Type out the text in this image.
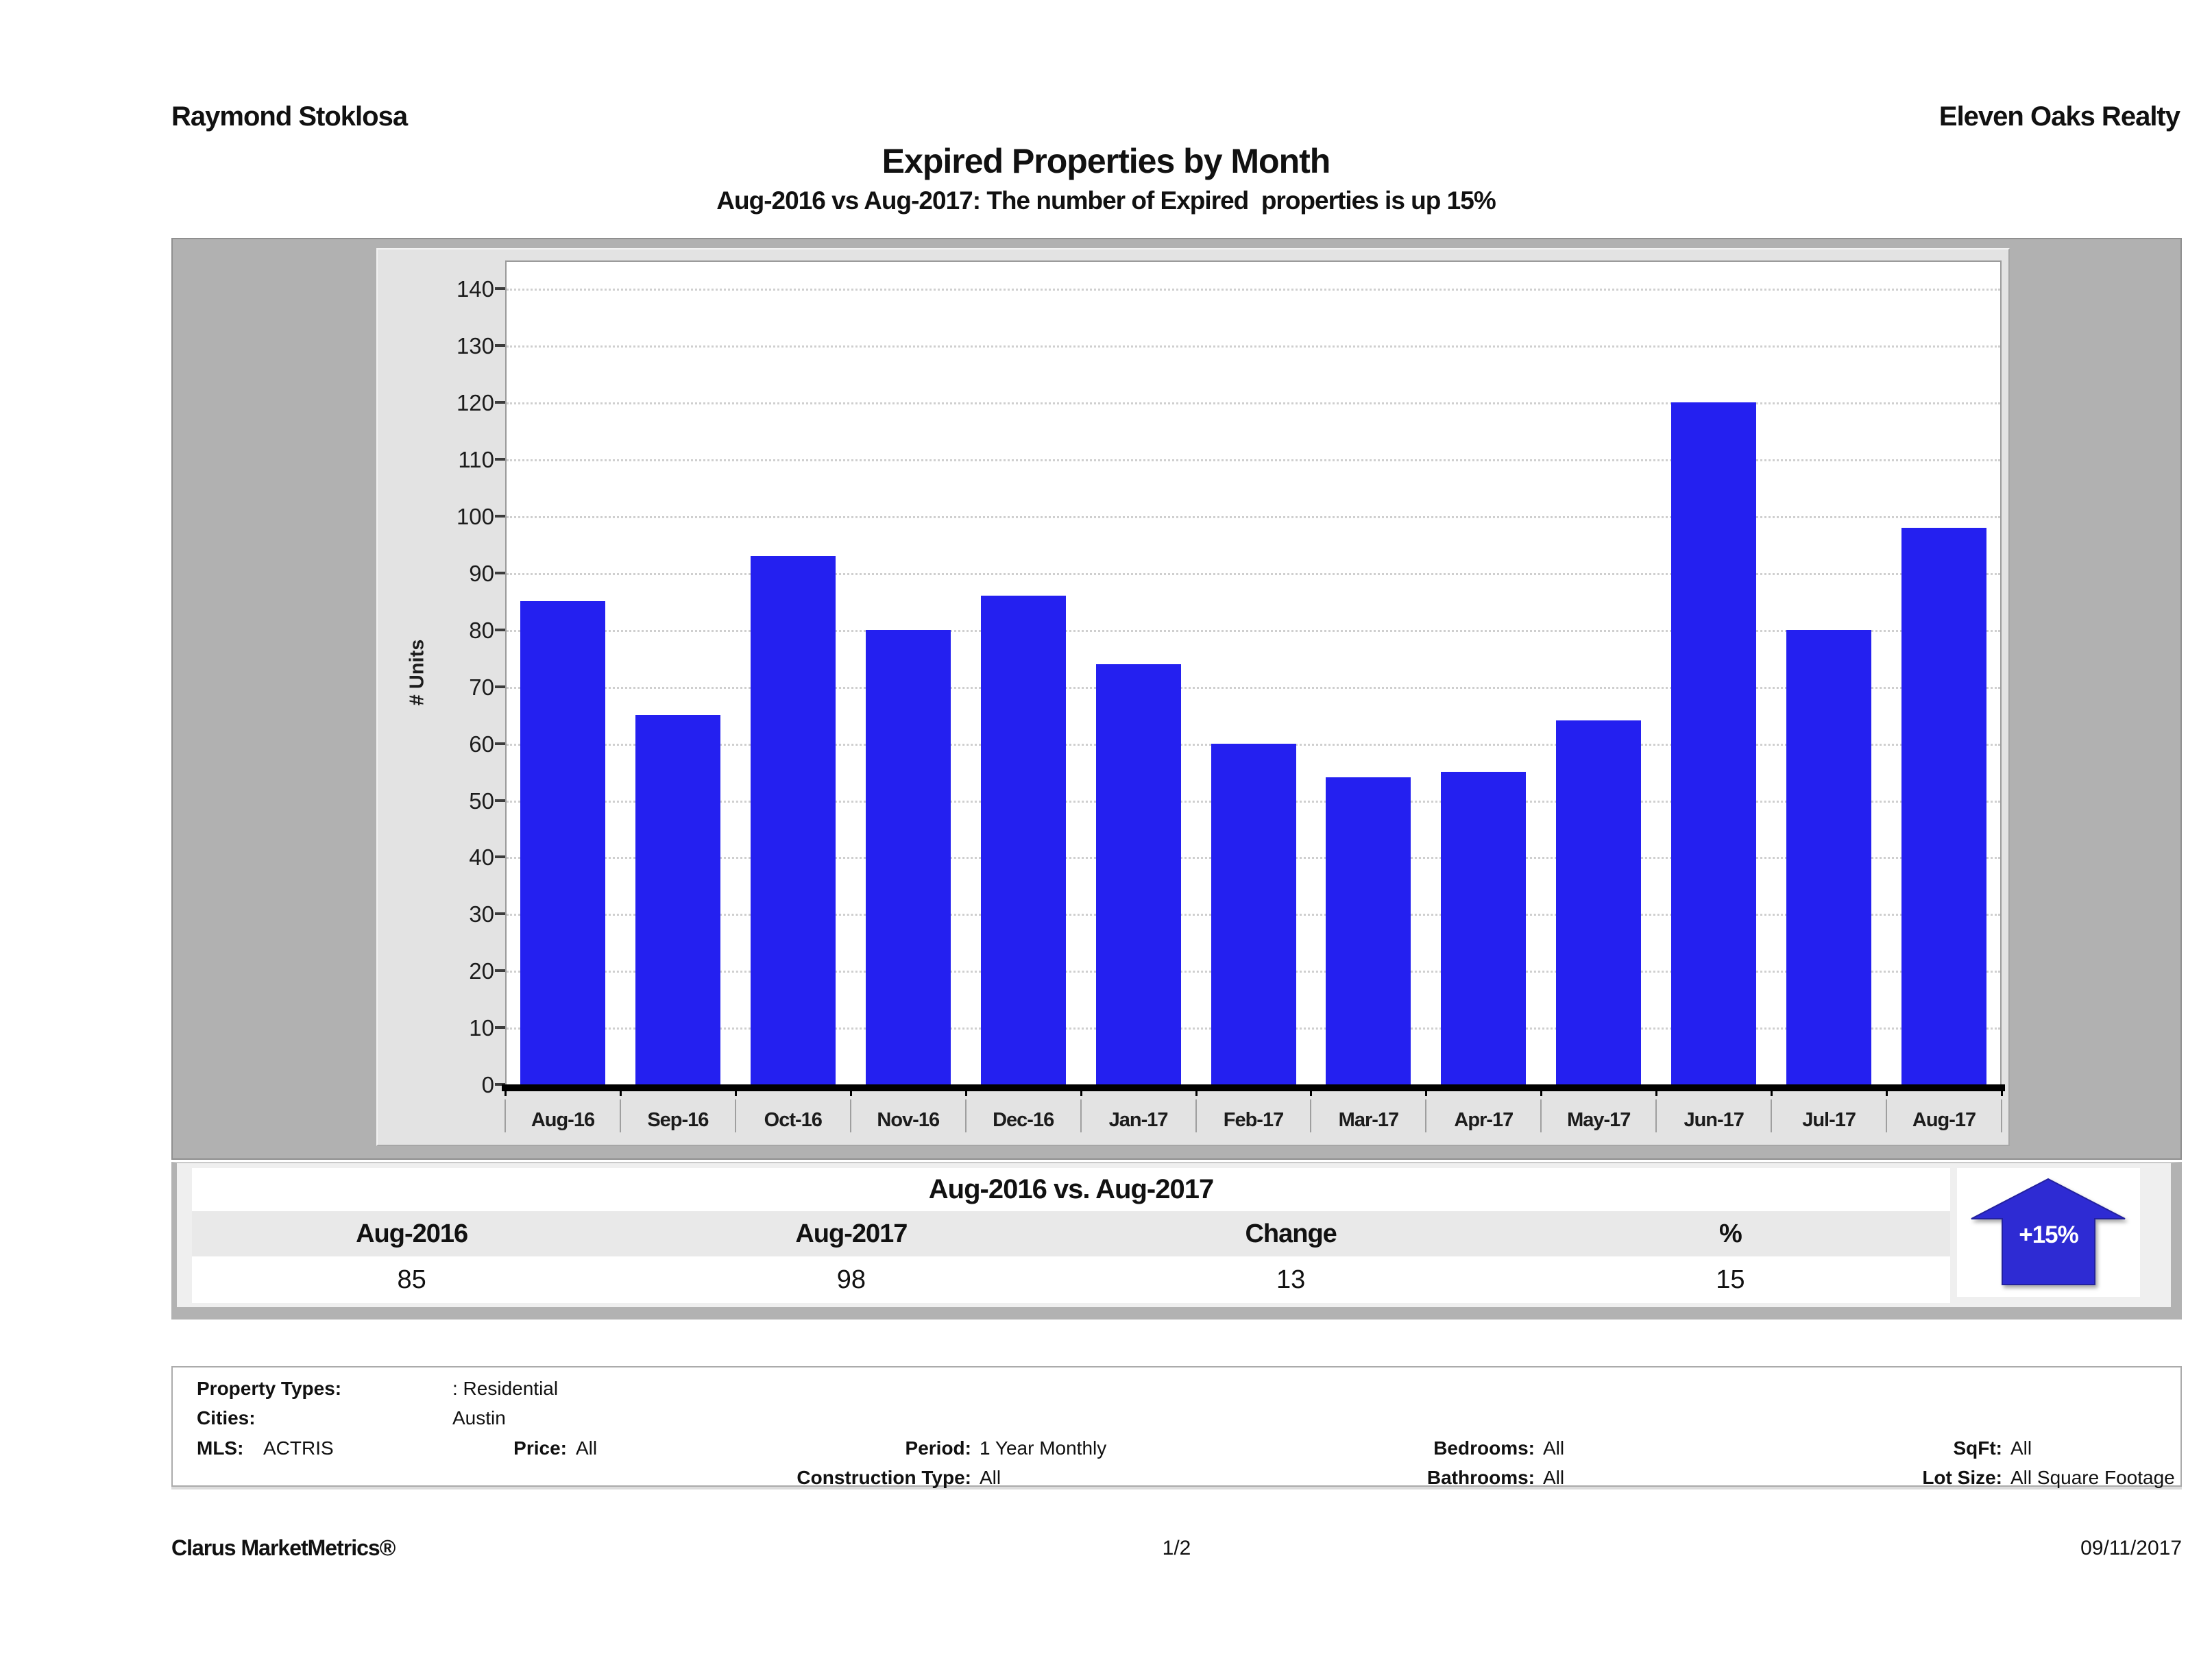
Raymond Stoklosa	Eleven Oaks Realty
Expired Properties by Month
Aug-2016 vs Aug-2017: The number of Expired  properties is up 15%
# Units
0
10
20
30
40
50
60
70
80
90
100
110
120
130
140
Aug-16	Sep-16	Oct-16	Nov-16	Dec-16	Jan-17	Feb-17	Mar-17	Apr-17	May-17	Jun-17	Jul-17	Aug-17
Aug-2016 vs. Aug-2017
Aug-2016	Aug-2017	Change	%
85	98	13	15
+15%
Property Types:	: Residential
Cities:	Austin
MLS: ACTRIS	Price: All	Period: 1 Year Monthly	Bedrooms: All	SqFt: All
Construction Type: All	Bathrooms: All	Lot Size: All Square Footage
Clarus MarketMetrics®	1/2	09/11/2017
